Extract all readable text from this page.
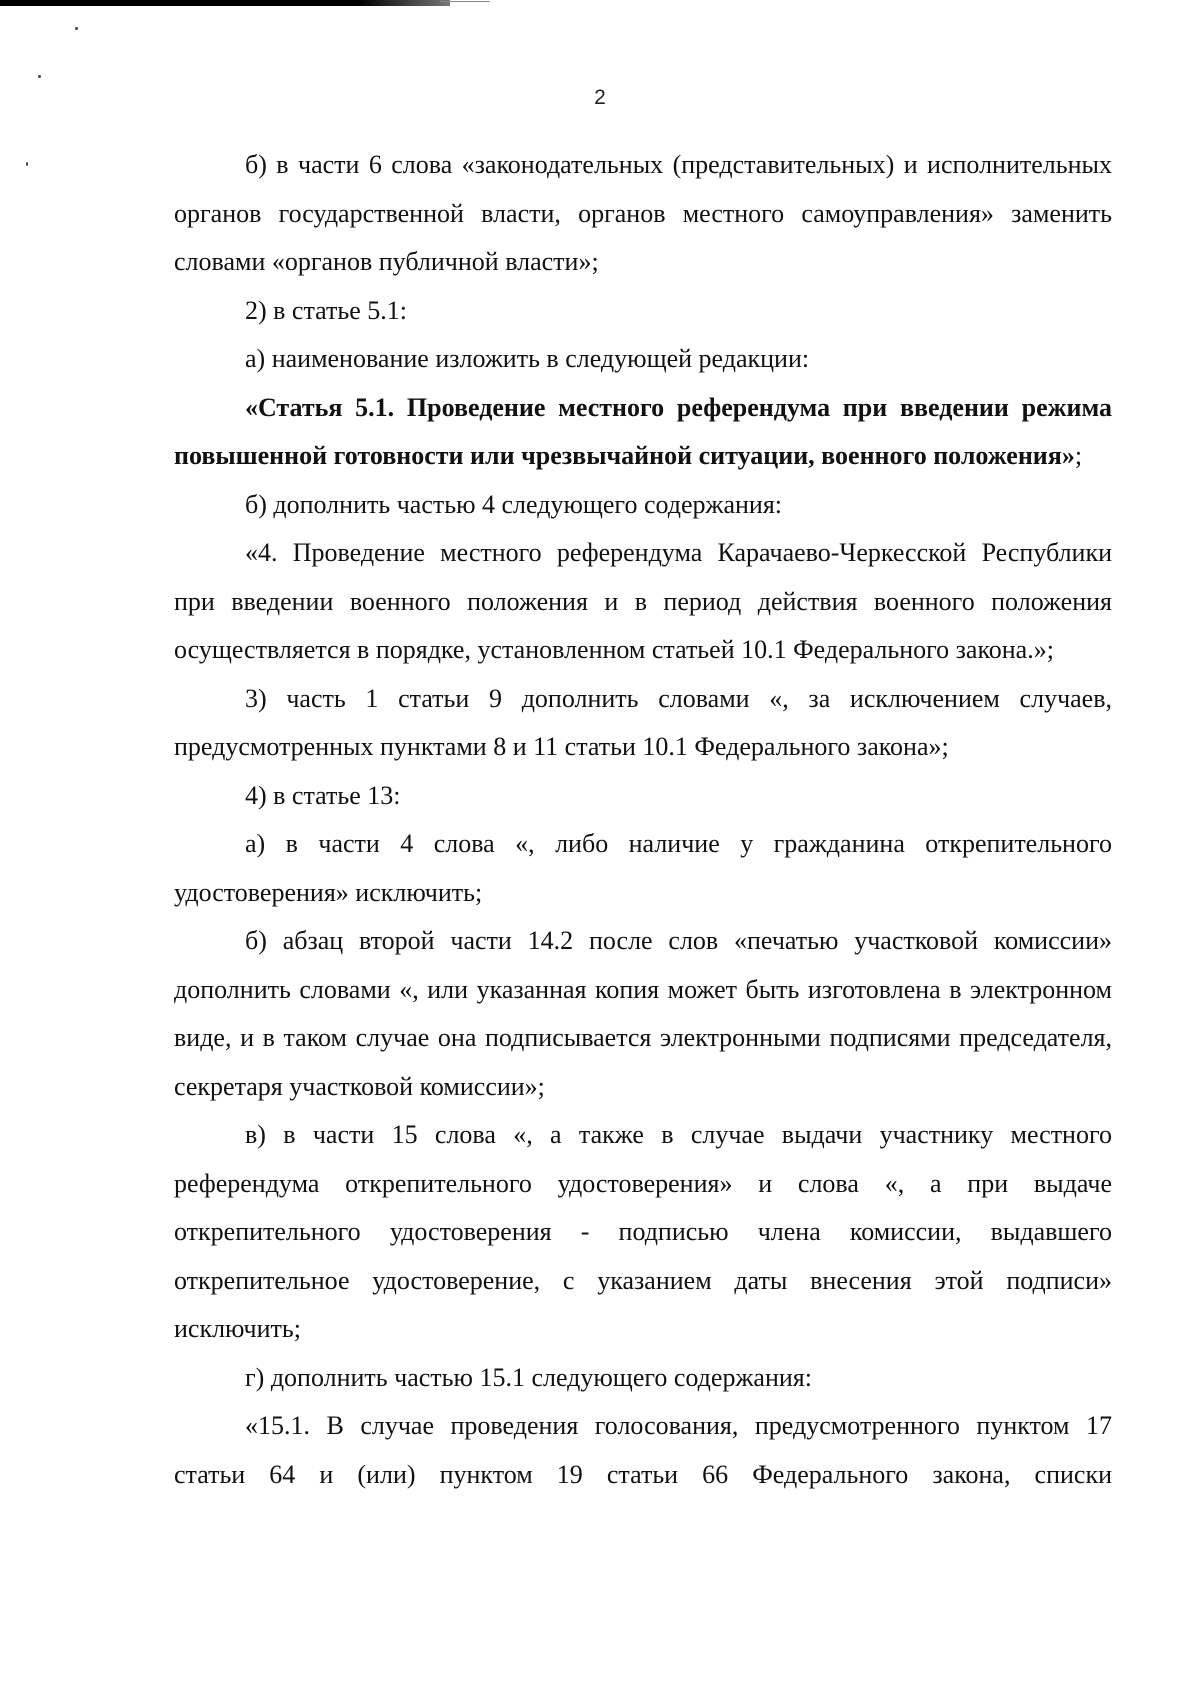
2

б) в части 6 слова «законодательных (представительных) и исполнительных органов государственной власти, органов местного самоуправления» заменить словами «органов публичной власти»;

2) в статье 5.1:

а) наименование изложить в следующей редакции:

«Статья 5.1. Проведение местного референдума при введении режима повышенной готовности или чрезвычайной ситуации, военного положения»;

б) дополнить частью 4 следующего содержания:

«4. Проведение местного референдума Карачаево-Черкесской Республики при введении военного положения и в период действия военного положения осуществляется в порядке, установленном статьей 10.1 Федерального закона.»;

3) часть 1 статьи 9 дополнить словами «, за исключением случаев, предусмотренных пунктами 8 и 11 статьи 10.1 Федерального закона»;

4) в статье 13:

а) в части 4 слова «, либо наличие у гражданина открепительного удостоверения» исключить;

б) абзац второй части 14.2 после слов «печатью участковой комиссии» дополнить словами «, или указанная копия может быть изготовлена в электронном виде, и в таком случае она подписывается электронными подписями председателя, секретаря участковой комиссии»;

в) в части 15 слова «, а также в случае выдачи участнику местного референдума открепительного удостоверения» и слова «, а при выдаче открепительного удостоверения - подписью члена комиссии, выдавшего открепительное удостоверение, с указанием даты внесения этой подписи» исключить;

г) дополнить частью 15.1 следующего содержания:

«15.1. В случае проведения голосования, предусмотренного пунктом 17 статьи 64 и (или) пунктом 19 статьи 66 Федерального закона, списки
